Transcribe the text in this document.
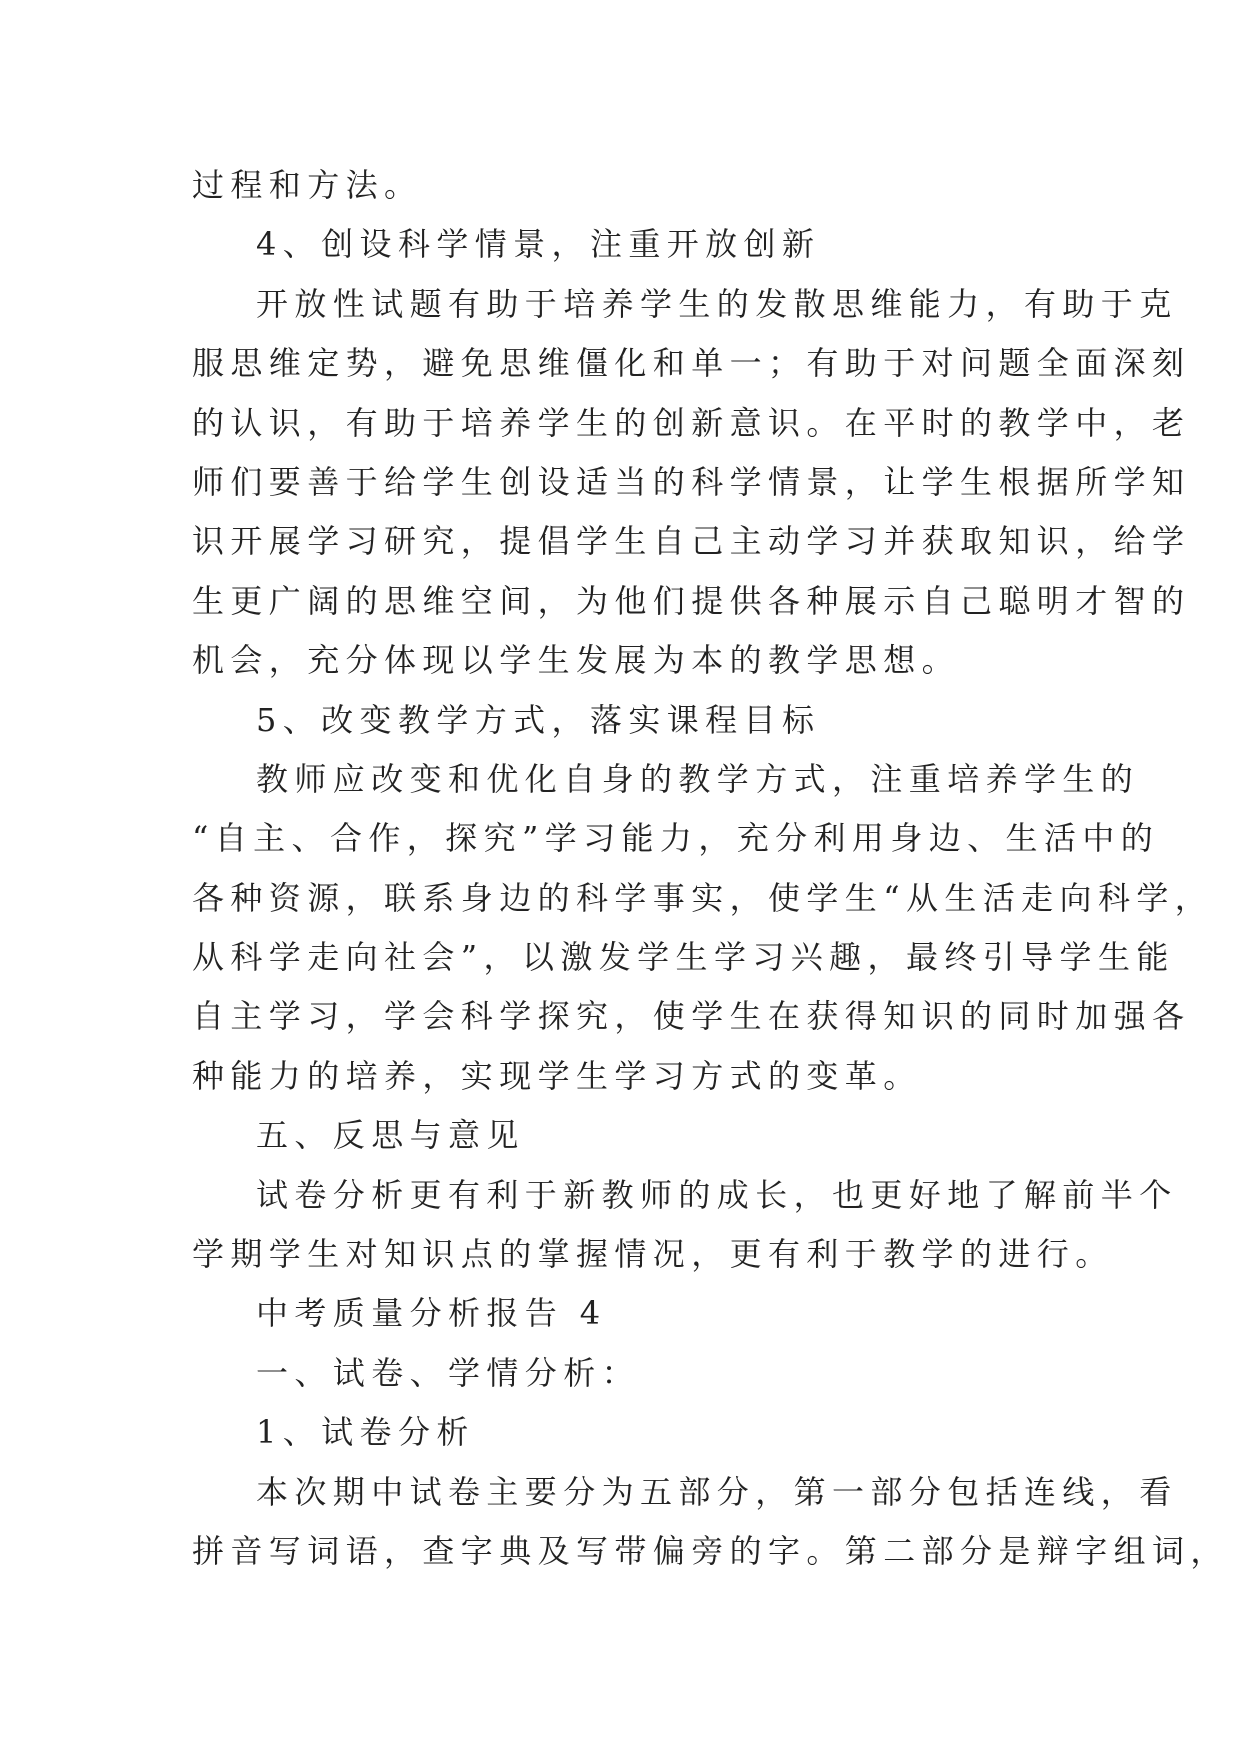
过程和方法。
4、创设科学情景，注重开放创新
开放性试题有助于培养学生的发散思维能力，有助于克
服思维定势，避免思维僵化和单一；有助于对问题全面深刻
的认识，有助于培养学生的创新意识。在平时的教学中，老
师们要善于给学生创设适当的科学情景，让学生根据所学知
识开展学习研究，提倡学生自己主动学习并获取知识，给学
生更广阔的思维空间，为他们提供各种展示自己聪明才智的
机会，充分体现以学生发展为本的教学思想。
5、改变教学方式，落实课程目标
教师应改变和优化自身的教学方式，注重培养学生的
“自主、合作，探究”学习能力，充分利用身边、生活中的
各种资源，联系身边的科学事实，使学生“从生活走向科学，
从科学走向社会”，以激发学生学习兴趣，最终引导学生能
自主学习，学会科学探究，使学生在获得知识的同时加强各
种能力的培养，实现学生学习方式的变革。
五、反思与意见
试卷分析更有利于新教师的成长，也更好地了解前半个
学期学生对知识点的掌握情况，更有利于教学的进行。
中考质量分析报告 4
一、试卷、学情分析：
1、试卷分析
本次期中试卷主要分为五部分，第一部分包括连线，看
拼音写词语，查字典及写带偏旁的字。第二部分是辩字组词，
